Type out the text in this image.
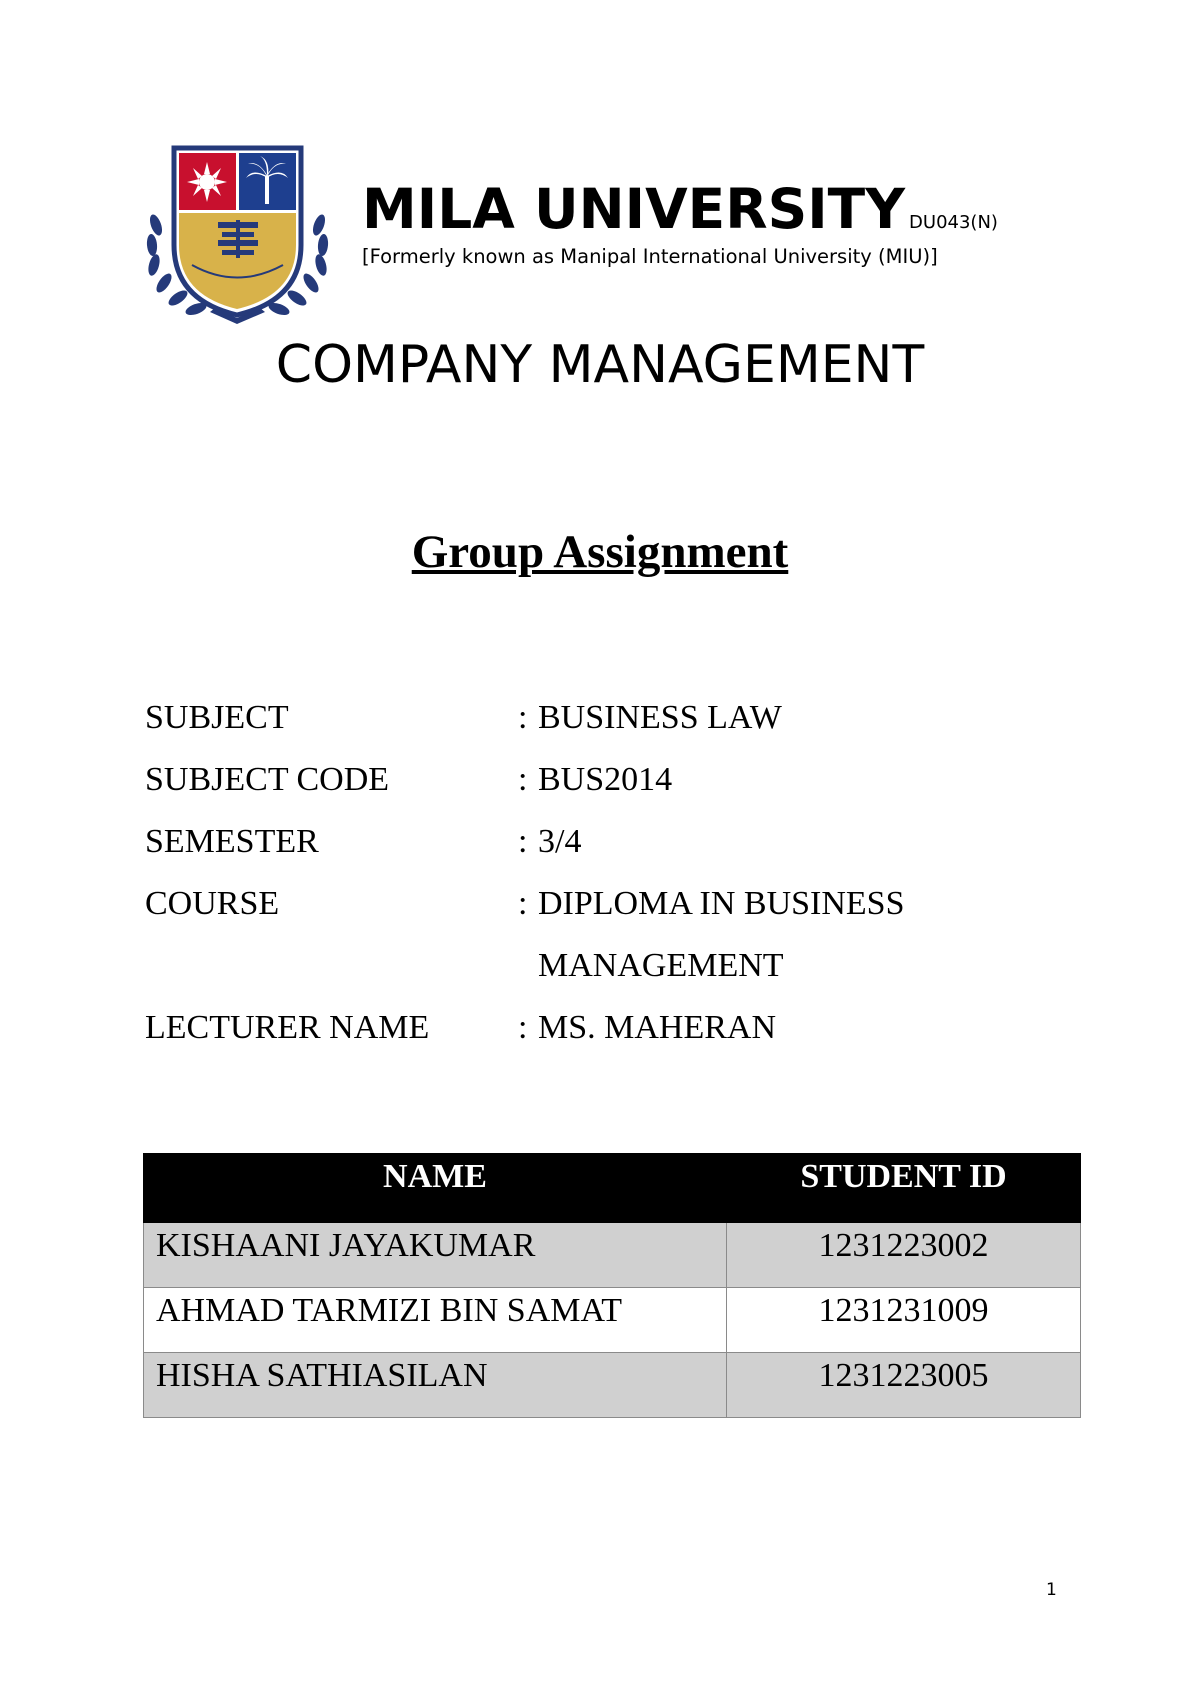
MILA UNIVERSITY DU043(N)
[Formerly known as Manipal International University (MIU)]
COMPANY MANAGEMENT
Group Assignment
SUBJECT	: BUSINESS LAW
SUBJECT CODE	: BUS2014
SEMESTER	: 3/4
COURSE	: DIPLOMA IN BUSINESS
MANAGEMENT
LECTURER NAME	: MS. MAHERAN
NAME	STUDENT ID
KISHAANI JAYAKUMAR	1231223002
AHMAD TARMIZI BIN SAMAT	1231231009
HISHA SATHIASILAN	1231223005
1
